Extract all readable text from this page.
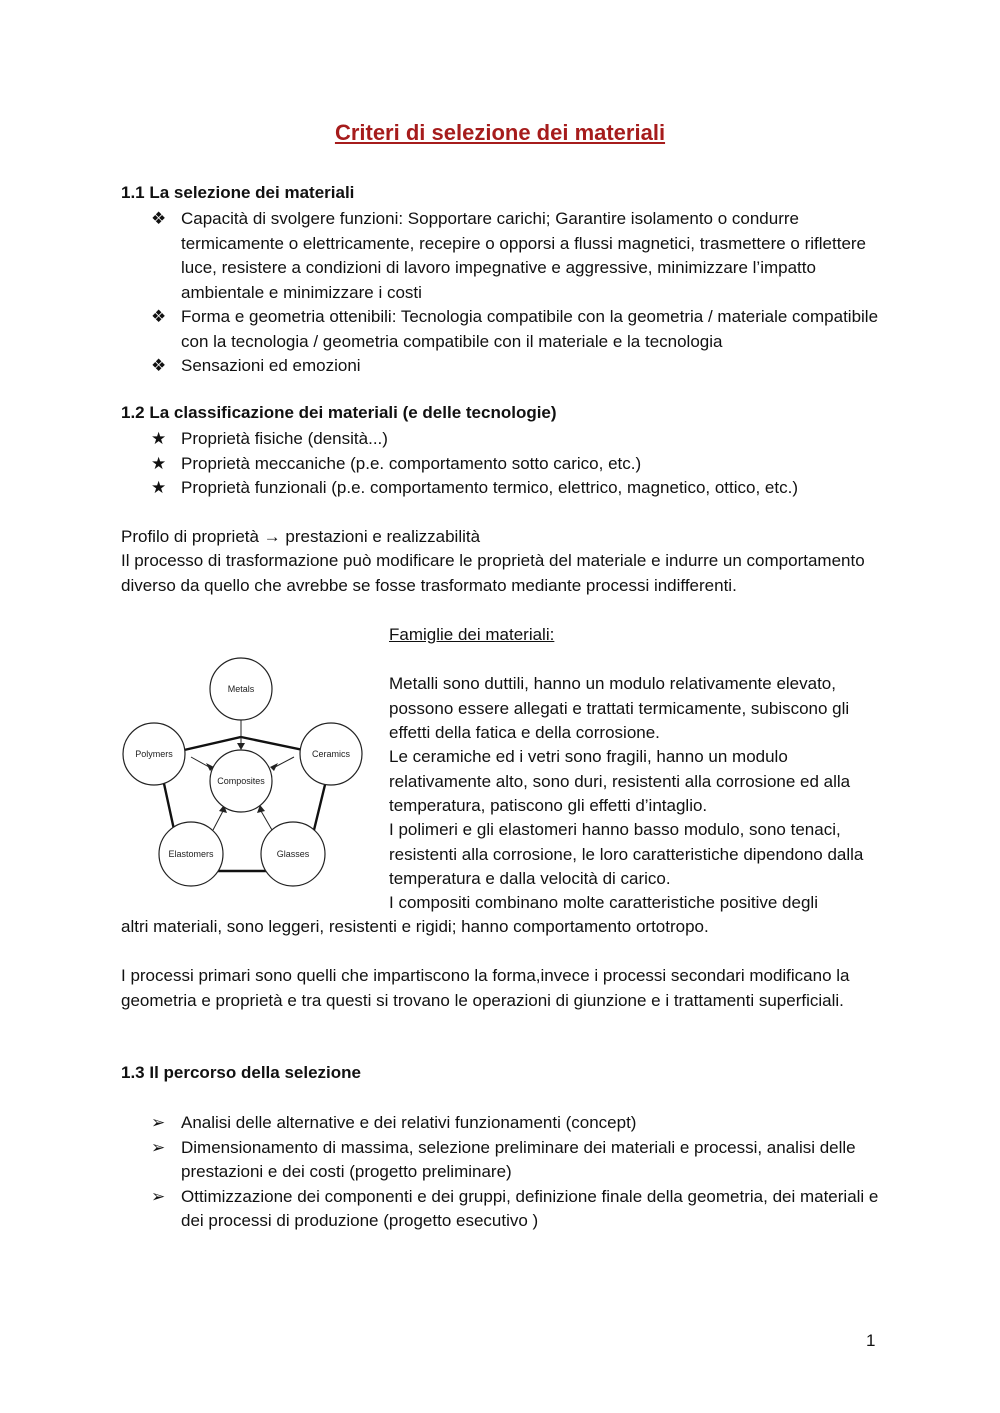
Criteri di selezione dei materiali
1.1 La selezione dei materiali
❖ Capacità di svolgere funzioni: Sopportare carichi; Garantire isolamento o condurre termicamente o elettricamente, recepire o opporsi a flussi magnetici, trasmettere o riflettere luce, resistere a condizioni di lavoro impegnative e aggressive, minimizzare l’impatto ambientale e minimizzare i costi
❖ Forma e geometria ottenibili: Tecnologia compatibile con la geometria / materiale compatibile con la tecnologia / geometria compatibile con il materiale e la tecnologia
❖ Sensazioni ed emozioni
1.2 La classificazione dei materiali (e delle tecnologie)
★ Proprietà fisiche (densità...)
★ Proprietà meccaniche (p.e. comportamento sotto carico, etc.)
★ Proprietà funzionali (p.e. comportamento termico, elettrico, magnetico, ottico, etc.)
Profilo di proprietà → prestazioni e realizzabilità
Il processo di trasformazione può modificare le proprietà del materiale e indurre un comportamento diverso da quello che avrebbe se fosse trasformato mediante processi indifferenti.
Metals
Polymers	Ceramics
Composites
Elastomers	Glasses
Famiglie dei materiali:
Metalli sono duttili, hanno un modulo relativamente elevato, possono essere allegati e trattati termicamente, subiscono gli effetti della fatica e della corrosione.
Le ceramiche ed i vetri sono fragili, hanno un modulo relativamente alto, sono duri, resistenti alla corrosione ed alla temperatura, patiscono gli effetti d’intaglio.
I polimeri e gli elastomeri hanno basso modulo, sono tenaci, resistenti alla corrosione, le loro caratteristiche dipendono dalla temperatura e dalla velocità di carico.
I compositi combinano molte caratteristiche positive degli
altri materiali, sono leggeri, resistenti e rigidi; hanno comportamento ortotropo.
I processi primari sono quelli che impartiscono la forma,invece i processi secondari modificano la geometria e proprietà e tra questi si trovano le operazioni di giunzione e i trattamenti superficiali.
1.3 Il percorso della selezione
➢ Analisi delle alternative e dei relativi funzionamenti (concept)
➢ Dimensionamento di massima, selezione preliminare dei materiali e processi, analisi delle prestazioni e dei costi (progetto preliminare)
➢ Ottimizzazione dei componenti e dei gruppi, definizione finale della geometria, dei materiali e dei processi di produzione (progetto esecutivo )
1
